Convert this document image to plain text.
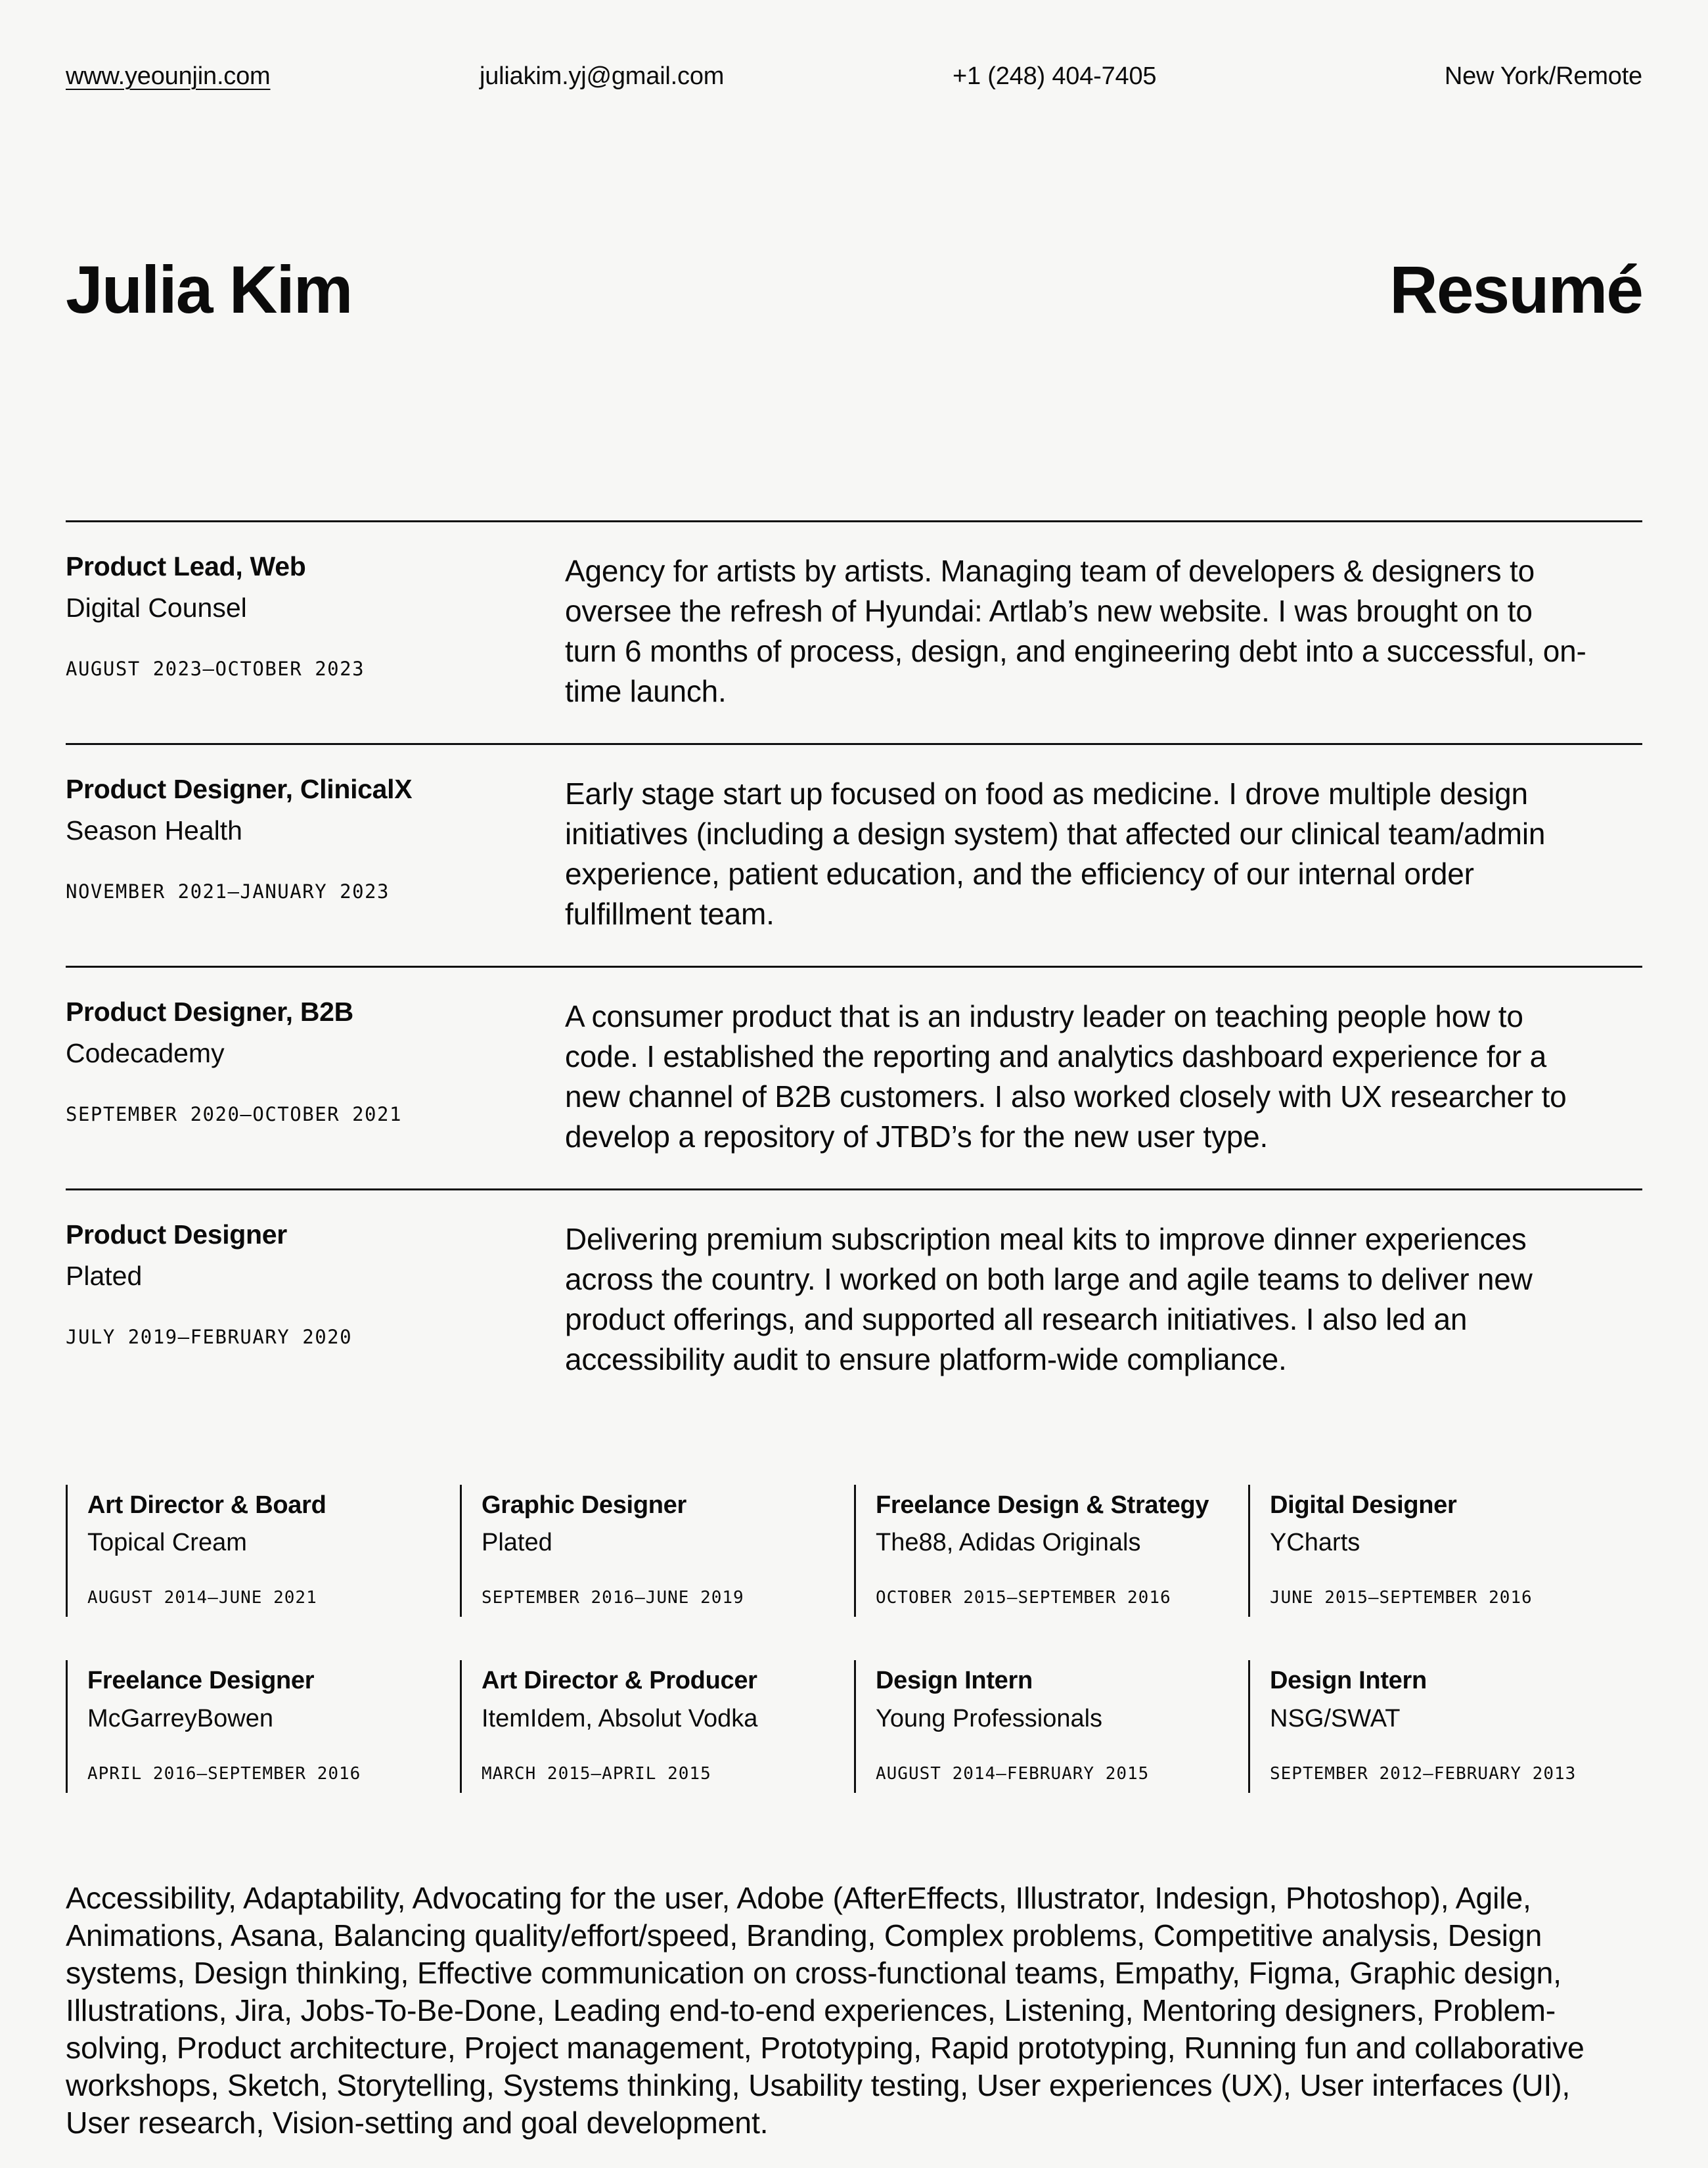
www.yeounjin.com	juliakim.yj@gmail.com	+1 (248) 404-7405	New York/Remote
Julia Kim	Resumé
Product Lead, Web
Digital Counsel
AUGUST 2023–OCTOBER 2023
Agency for artists by artists. Managing team of developers & designers to oversee the refresh of Hyundai: Artlab’s new website. I was brought on to turn 6 months of process, design, and engineering debt into a successful, on-time launch.
Product Designer, ClinicalX
Season Health
NOVEMBER 2021–JANUARY 2023
Early stage start up focused on food as medicine. I drove multiple design initiatives (including a design system) that affected our clinical team/admin experience, patient education, and the efficiency of our internal order fulfillment team.
Product Designer, B2B
Codecademy
SEPTEMBER 2020–OCTOBER 2021
A consumer product that is an industry leader on teaching people how to code. I established the reporting and analytics dashboard experience for a new channel of B2B customers. I also worked closely with UX researcher to develop a repository of JTBD’s for the new user type.
Product Designer
Plated
JULY 2019–FEBRUARY 2020
Delivering premium subscription meal kits to improve dinner experiences across the country. I worked on both large and agile teams to deliver new product offerings, and supported all research initiatives. I also led an accessibility audit to ensure platform-wide compliance.
Art Director & Board
Topical Cream
AUGUST 2014–JUNE 2021
Graphic Designer
Plated
SEPTEMBER 2016–JUNE 2019
Freelance Design & Strategy
The88, Adidas Originals
OCTOBER 2015–SEPTEMBER 2016
Digital Designer
YCharts
JUNE 2015–SEPTEMBER 2016
Freelance Designer
McGarreyBowen
APRIL 2016–SEPTEMBER 2016
Art Director & Producer
ItemIdem, Absolut Vodka
MARCH 2015–APRIL 2015
Design Intern
Young Professionals
AUGUST 2014–FEBRUARY 2015
Design Intern
NSG/SWAT
SEPTEMBER 2012–FEBRUARY 2013

Accessibility, Adaptability, Advocating for the user, Adobe (AfterEffects, Illustrator, Indesign, Photoshop), Agile, Animations, Asana, Balancing quality/effort/speed, Branding, Complex problems, Competitive analysis, Design systems, Design thinking, Effective communication on cross-functional teams, Empathy, Figma, Graphic design, Illustrations, Jira, Jobs-To-Be-Done, Leading end-to-end experiences, Listening, Mentoring designers, Problem-solving, Product architecture, Project management, Prototyping, Rapid prototyping, Running fun and collaborative workshops, Sketch, Storytelling, Systems thinking, Usability testing, User experiences (UX), User interfaces (UI), User research, Vision-setting and goal development.
